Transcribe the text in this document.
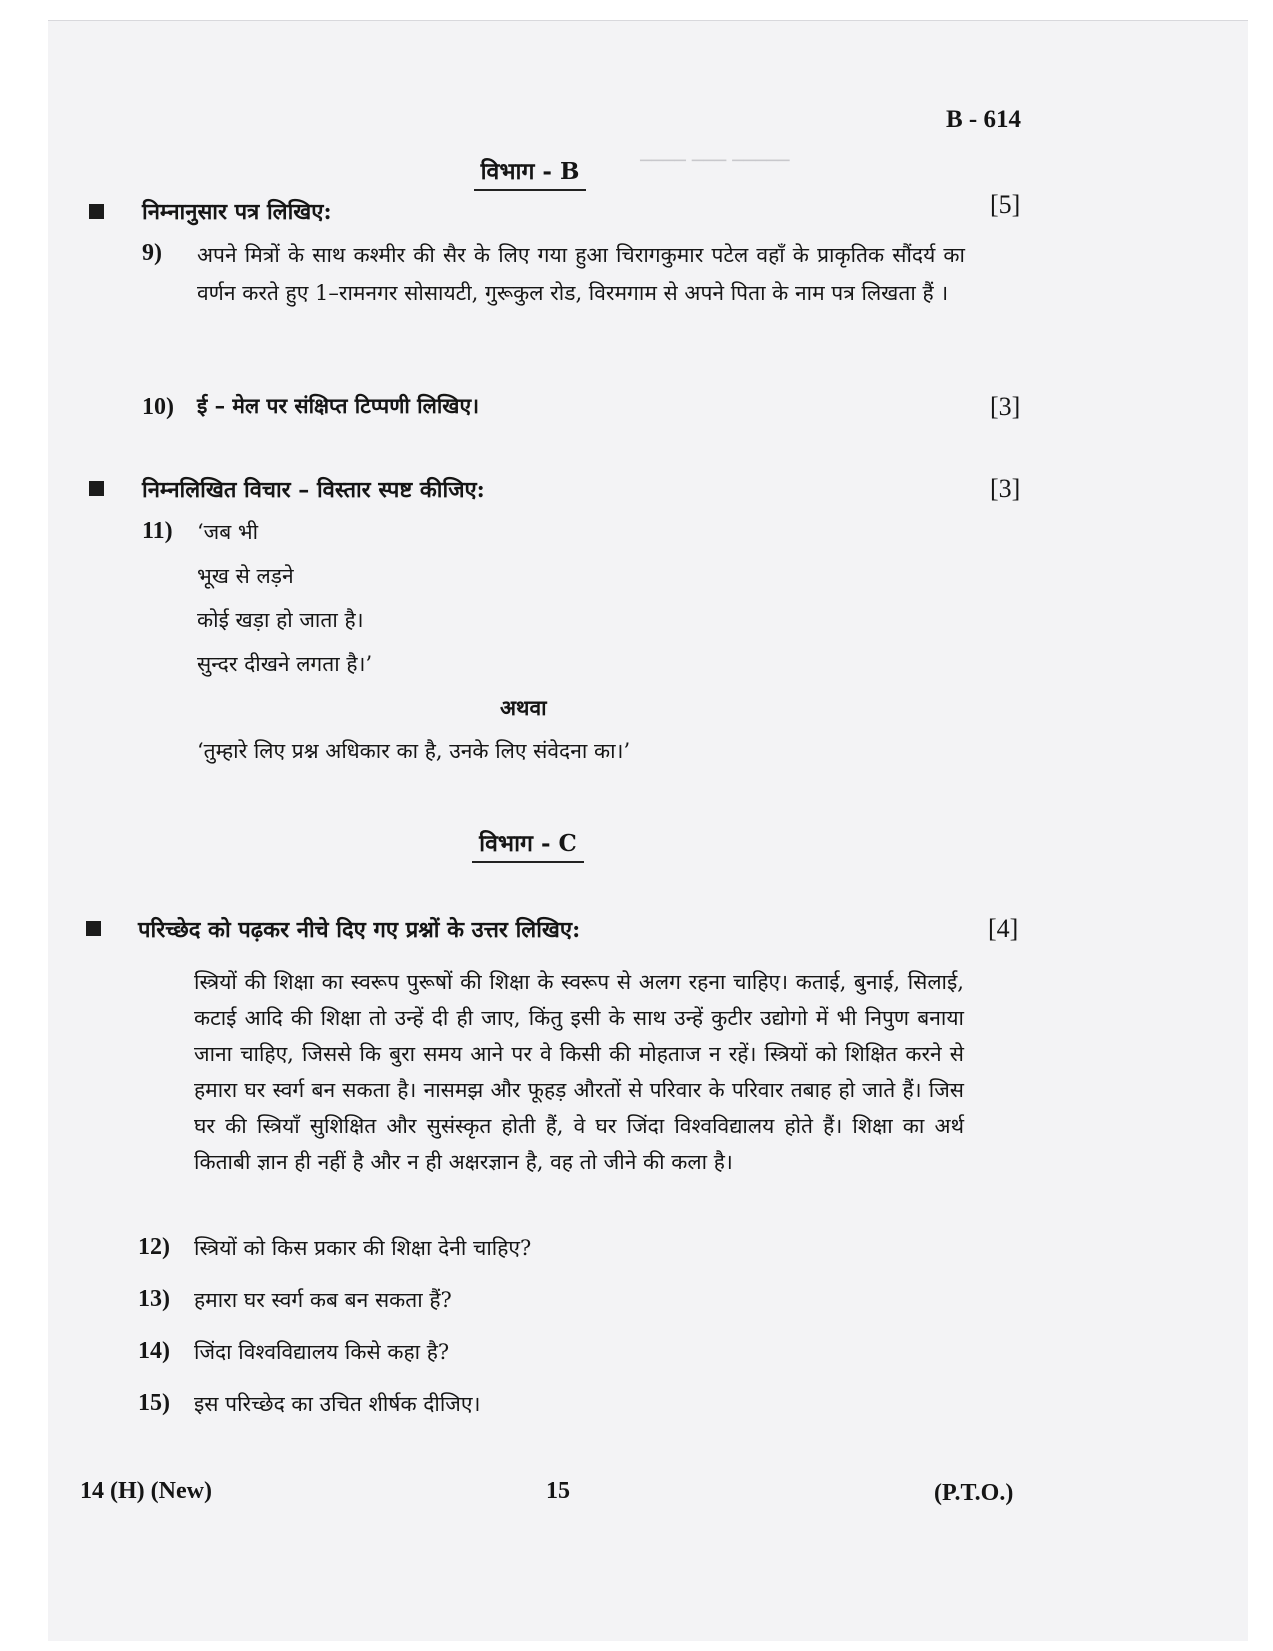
───── ─── ────
B - 614
विभाग - B
निम्नानुसार पत्र लिखिए:	[5]
9) अपने मित्रों के साथ कश्मीर की सैर के लिए गया हुआ चिरागकुमार पटेल वहाँ के प्राकृतिक सौंदर्य का वर्णन करते हुए 1–रामनगर सोसायटी, गुरूकुल रोड, विरमगाम से अपने पिता के नाम पत्र लिखता हैं ।
10) ई – मेल पर संक्षिप्त टिप्पणी लिखिए।	[3]
निम्नलिखित विचार – विस्तार स्पष्ट कीजिए:	[3]
11) ‘जब भी
भूख से लड़ने
कोई खड़ा हो जाता है।
सुन्दर दीखने लगता है।’
अथवा
‘तुम्हारे लिए प्रश्न अधिकार का है, उनके लिए संवेदना का।’
विभाग - C
परिच्छेद को पढ़कर नीचे दिए गए प्रश्नों के उत्तर लिखिए:	[4]
स्त्रियों की शिक्षा का स्वरूप पुरूषों की शिक्षा के स्वरूप से अलग रहना चाहिए। कताई, बुनाई, सिलाई, कटाई आदि की शिक्षा तो उन्हें दी ही जाए, किंतु इसी के साथ उन्हें कुटीर उद्योगो में भी निपुण बनाया जाना चाहिए, जिससे कि बुरा समय आने पर वे किसी की मोहताज न रहें। स्त्रियों को शिक्षित करने से हमारा घर स्वर्ग बन सकता है। नासमझ और फूहड़ औरतों से परिवार के परिवार तबाह हो जाते हैं। जिस घर की स्त्रियाँ सुशिक्षित और सुसंस्कृत होती हैं, वे घर जिंदा विश्वविद्यालय होते हैं। शिक्षा का अर्थ किताबी ज्ञान ही नहीं है और न ही अक्षरज्ञान है, वह तो जीने की कला है।
12) स्त्रियों को किस प्रकार की शिक्षा देनी चाहिए?
13) हमारा घर स्वर्ग कब बन सकता हैं?
14) जिंदा विश्वविद्यालय किसे कहा है?
15) इस परिच्छेद का उचित शीर्षक दीजिए।
14 (H) (New)	15	(P.T.O.)
